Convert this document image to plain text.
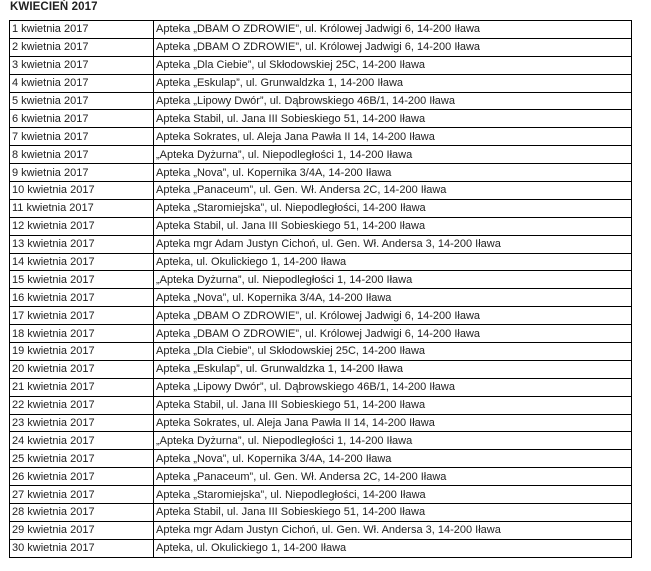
KWIECIEŃ 2017
1 kwietnia 2017	Apteka „DBAM O ZDROWIE”, ul. Królowej Jadwigi 6, 14-200 Iława
2 kwietnia 2017	Apteka „DBAM O ZDROWIE”, ul. Królowej Jadwigi 6, 14-200 Iława
3 kwietnia 2017	Apteka „Dla Ciebie”, ul Skłodowskiej 25C, 14-200 Iława
4 kwietnia 2017	Apteka „Eskulap”, ul. Grunwaldzka 1, 14-200 Iława
5 kwietnia 2017	Apteka „Lipowy Dwór”, ul. Dąbrowskiego 46B/1, 14-200 Iława
6 kwietnia 2017	Apteka Stabil, ul. Jana III Sobieskiego 51, 14-200 Iława
7 kwietnia 2017	Apteka Sokrates, ul. Aleja Jana Pawła II 14, 14-200 Iława
8 kwietnia 2017	„Apteka Dyżurna”, ul. Niepodległości 1, 14-200 Iława
9 kwietnia 2017	Apteka „Nova”, ul. Kopernika 3/4A, 14-200 Iława
10 kwietnia 2017	Apteka „Panaceum”, ul. Gen. Wł. Andersa 2C, 14-200 Iława
11 kwietnia 2017	Apteka „Staromiejska”, ul. Niepodległości, 14-200 Iława
12 kwietnia 2017	Apteka Stabil, ul. Jana III Sobieskiego 51, 14-200 Iława
13 kwietnia 2017	Apteka mgr Adam Justyn Cichoń, ul. Gen. Wł. Andersa 3, 14-200 Iława
14 kwietnia 2017	Apteka, ul. Okulickiego 1, 14-200 Iława
15 kwietnia 2017	„Apteka Dyżurna”, ul. Niepodległości 1, 14-200 Iława
16 kwietnia 2017	Apteka „Nova”, ul. Kopernika 3/4A, 14-200 Iława
17 kwietnia 2017	Apteka „DBAM O ZDROWIE”, ul. Królowej Jadwigi 6, 14-200 Iława
18 kwietnia 2017	Apteka „DBAM O ZDROWIE”, ul. Królowej Jadwigi 6, 14-200 Iława
19 kwietnia 2017	Apteka „Dla Ciebie”, ul Skłodowskiej 25C, 14-200 Iława
20 kwietnia 2017	Apteka „Eskulap”, ul. Grunwaldzka 1, 14-200 Iława
21 kwietnia 2017	Apteka „Lipowy Dwór”, ul. Dąbrowskiego 46B/1, 14-200 Iława
22 kwietnia 2017	Apteka Stabil, ul. Jana III Sobieskiego 51, 14-200 Iława
23 kwietnia 2017	Apteka Sokrates, ul. Aleja Jana Pawła II 14, 14-200 Iława
24 kwietnia 2017	„Apteka Dyżurna”, ul. Niepodległości 1, 14-200 Iława
25 kwietnia 2017	Apteka „Nova”, ul. Kopernika 3/4A, 14-200 Iława
26 kwietnia 2017	Apteka „Panaceum”, ul. Gen. Wł. Andersa 2C, 14-200 Iława
27 kwietnia 2017	Apteka „Staromiejska”, ul. Niepodległości, 14-200 Iława
28 kwietnia 2017	Apteka Stabil, ul. Jana III Sobieskiego 51, 14-200 Iława
29 kwietnia 2017	Apteka mgr Adam Justyn Cichoń, ul. Gen. Wł. Andersa 3, 14-200 Iława
30 kwietnia 2017	Apteka, ul. Okulickiego 1, 14-200 Iława
